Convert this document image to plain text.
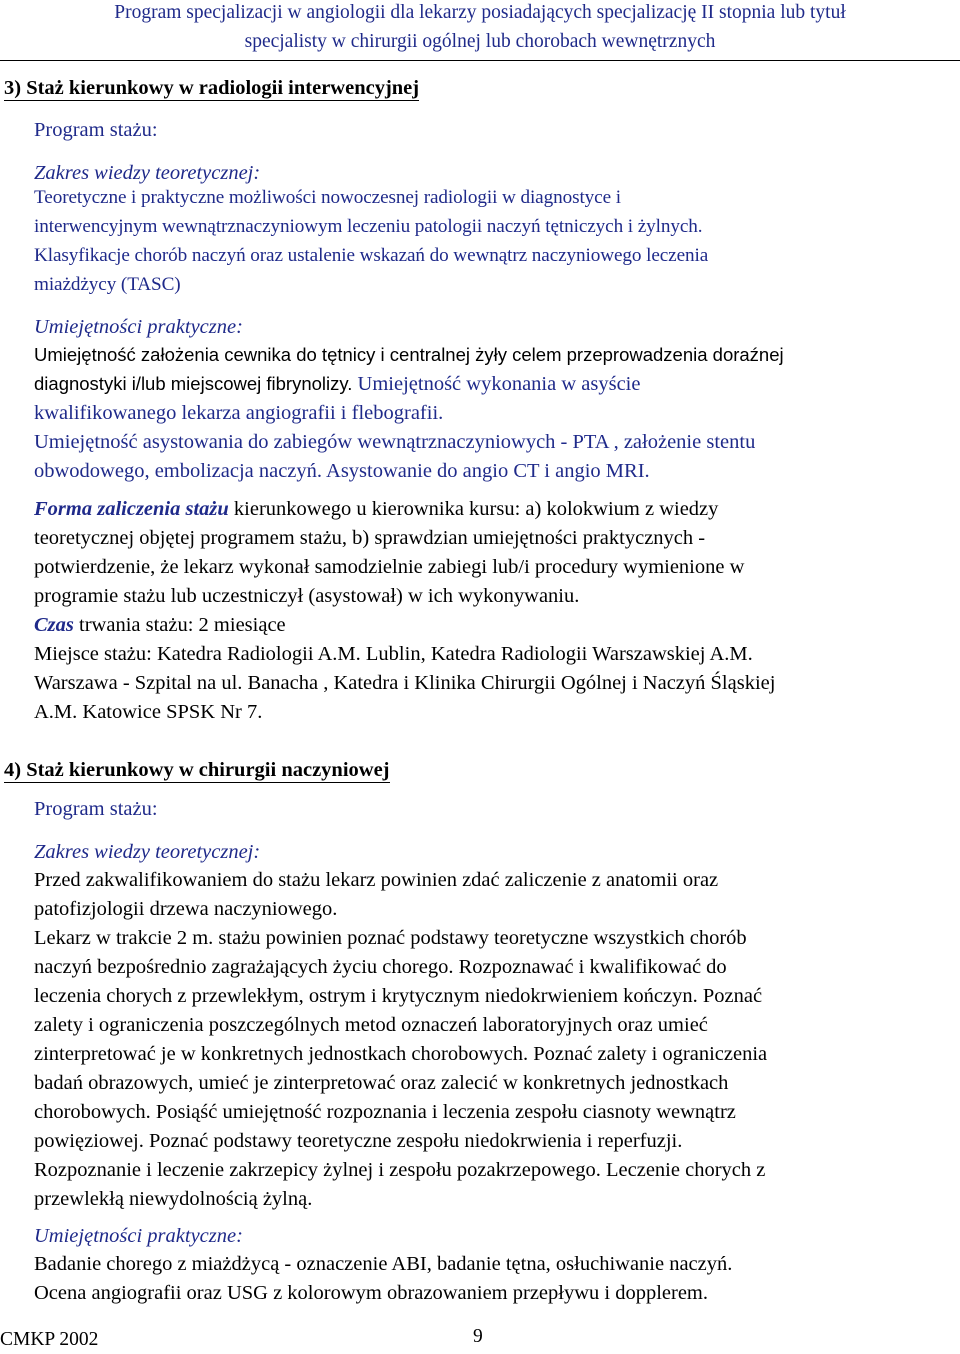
Program specjalizacji w angiologii dla lekarzy posiadających specjalizację II stopnia lub tytuł
specjalisty w chirurgii ogólnej lub chorobach wewnętrznych
3) Staż kierunkowy w radiologii interwencyjnej

Program stażu:

Zakres wiedzy teoretycznej:

Teoretyczne i praktyczne możliwości nowoczesnej radiologii w diagnostyce i
interwencyjnym wewnątrznaczyniowym leczeniu patologii naczyń tętniczych i żylnych.
Klasyfikacje chorób naczyń oraz ustalenie wskazań do wewnątrz naczyniowego leczenia
miażdżycy (TASC)

Umiejętności praktyczne:

Umiejętność założenia cewnika do tętnicy i centralnej żyły celem przeprowadzenia doraźnej
diagnostyki i/lub miejscowej fibrynolizy. Umiejętność wykonania w asyście
kwalifikowanego lekarza angiografii i flebografii.
Umiejętność asystowania do zabiegów wewnątrznaczyniowych - PTA , założenie stentu
obwodowego, embolizacja naczyń. Asystowanie do angio CT i angio MRI.
Forma zaliczenia stażu kierunkowego u kierownika kursu: a) kolokwium z wiedzy
teoretycznej objętej programem stażu, b) sprawdzian umiejętności praktycznych -
potwierdzenie, że lekarz wykonał samodzielnie zabiegi lub/i procedury wymienione w
programie stażu lub uczestniczył (asystował) w ich wykonywaniu.
Czas trwania stażu: 2 miesiące
Miejsce stażu: Katedra Radiologii A.M. Lublin, Katedra Radiologii Warszawskiej A.M.
Warszawa - Szpital na ul. Banacha , Katedra i Klinika Chirurgii Ogólnej i Naczyń Śląskiej
A.M. Katowice SPSK Nr 7.
4) Staż kierunkowy w chirurgii naczyniowej

Program stażu:

Zakres wiedzy teoretycznej:

Przed zakwalifikowaniem do stażu lekarz powinien zdać zaliczenie z anatomii oraz
patofizjologii drzewa naczyniowego.
Lekarz w trakcie 2 m. stażu powinien poznać podstawy teoretyczne wszystkich chorób
naczyń bezpośrednio zagrażających życiu chorego. Rozpoznawać i kwalifikować do
leczenia chorych z przewlekłym, ostrym i krytycznym niedokrwieniem kończyn. Poznać
zalety i ograniczenia poszczególnych metod oznaczeń laboratoryjnych oraz umieć
zinterpretować je w konkretnych jednostkach chorobowych. Poznać zalety i ograniczenia
badań obrazowych, umieć je zinterpretować oraz zalecić w konkretnych jednostkach
chorobowych. Posiąść umiejętność rozpoznania i leczenia zespołu ciasnoty wewnątrz
powięziowej. Poznać podstawy teoretyczne zespołu niedokrwienia i reperfuzji.
Rozpoznanie i leczenie zakrzepicy żylnej i zespołu pozakrzepowego. Leczenie chorych z
przewlekłą niewydolnością żylną.

Umiejętności praktyczne:

Badanie chorego z miażdżycą - oznaczenie ABI, badanie tętna, osłuchiwanie naczyń.
Ocena angiografii oraz USG z kolorowym obrazowaniem przepływu i dopplerem.
CMKP 2002	9
